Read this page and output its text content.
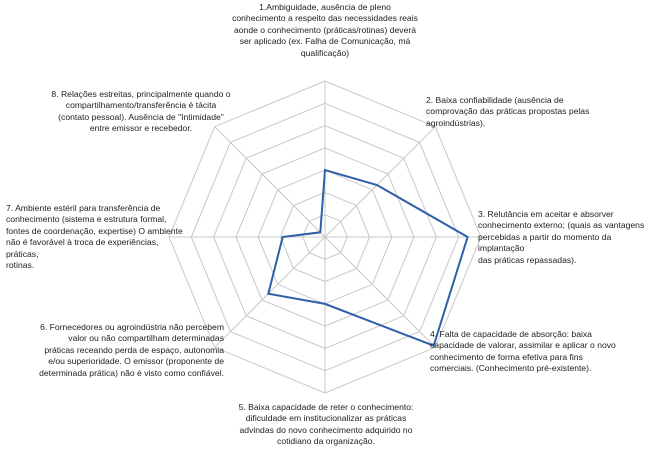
1.Ambiguidade, ausência de pleno
conhecimento a respeito das necessidades reais
aonde o conhecimento (práticas/rotinas) deverá
ser aplicado (ex. Falha de Comunicação, má
qualificação)
2. Baixa confiabilidade (ausência de
comprovação das práticas propostas pelas
agroindústrias).
3. Relutância em aceitar e absorver
conhecimento externo; (quais as vantagens
percebidas a partir do momento da implantação
das práticas repassadas).
4. Falta de capacidade de absorção: baixa
capacidade de valorar, assimilar e aplicar o novo
conhecimento de forma efetiva para fins
comerciais. (Conhecimento pré-existente).
5. Baixa capacidade de reter o conhecimento:
dificuldade em institucionalizar as práticas
advindas do novo conhecimento adquirido no
cotidiano da organização.
6. Fornecedores ou agroindústria não percebem
valor ou não compartilham determinadas
práticas receando perda de espaço, autonomia
e/ou superioridade. O emissor (proponente de
determinada prática) não é visto como confiável.
7. Ambiente estéril para transferência de
conhecimento (sistema e estrutura formal,
fontes de coordenação, expertise) O ambiente
não é favorável à troca de experiências, práticas,
rotinas.
8. Relações estreitas, principalmente quando o
compartilhamento/transferência é tácita
(contato pessoal). Ausência de "Intimidade"
entre emissor e recebedor.
